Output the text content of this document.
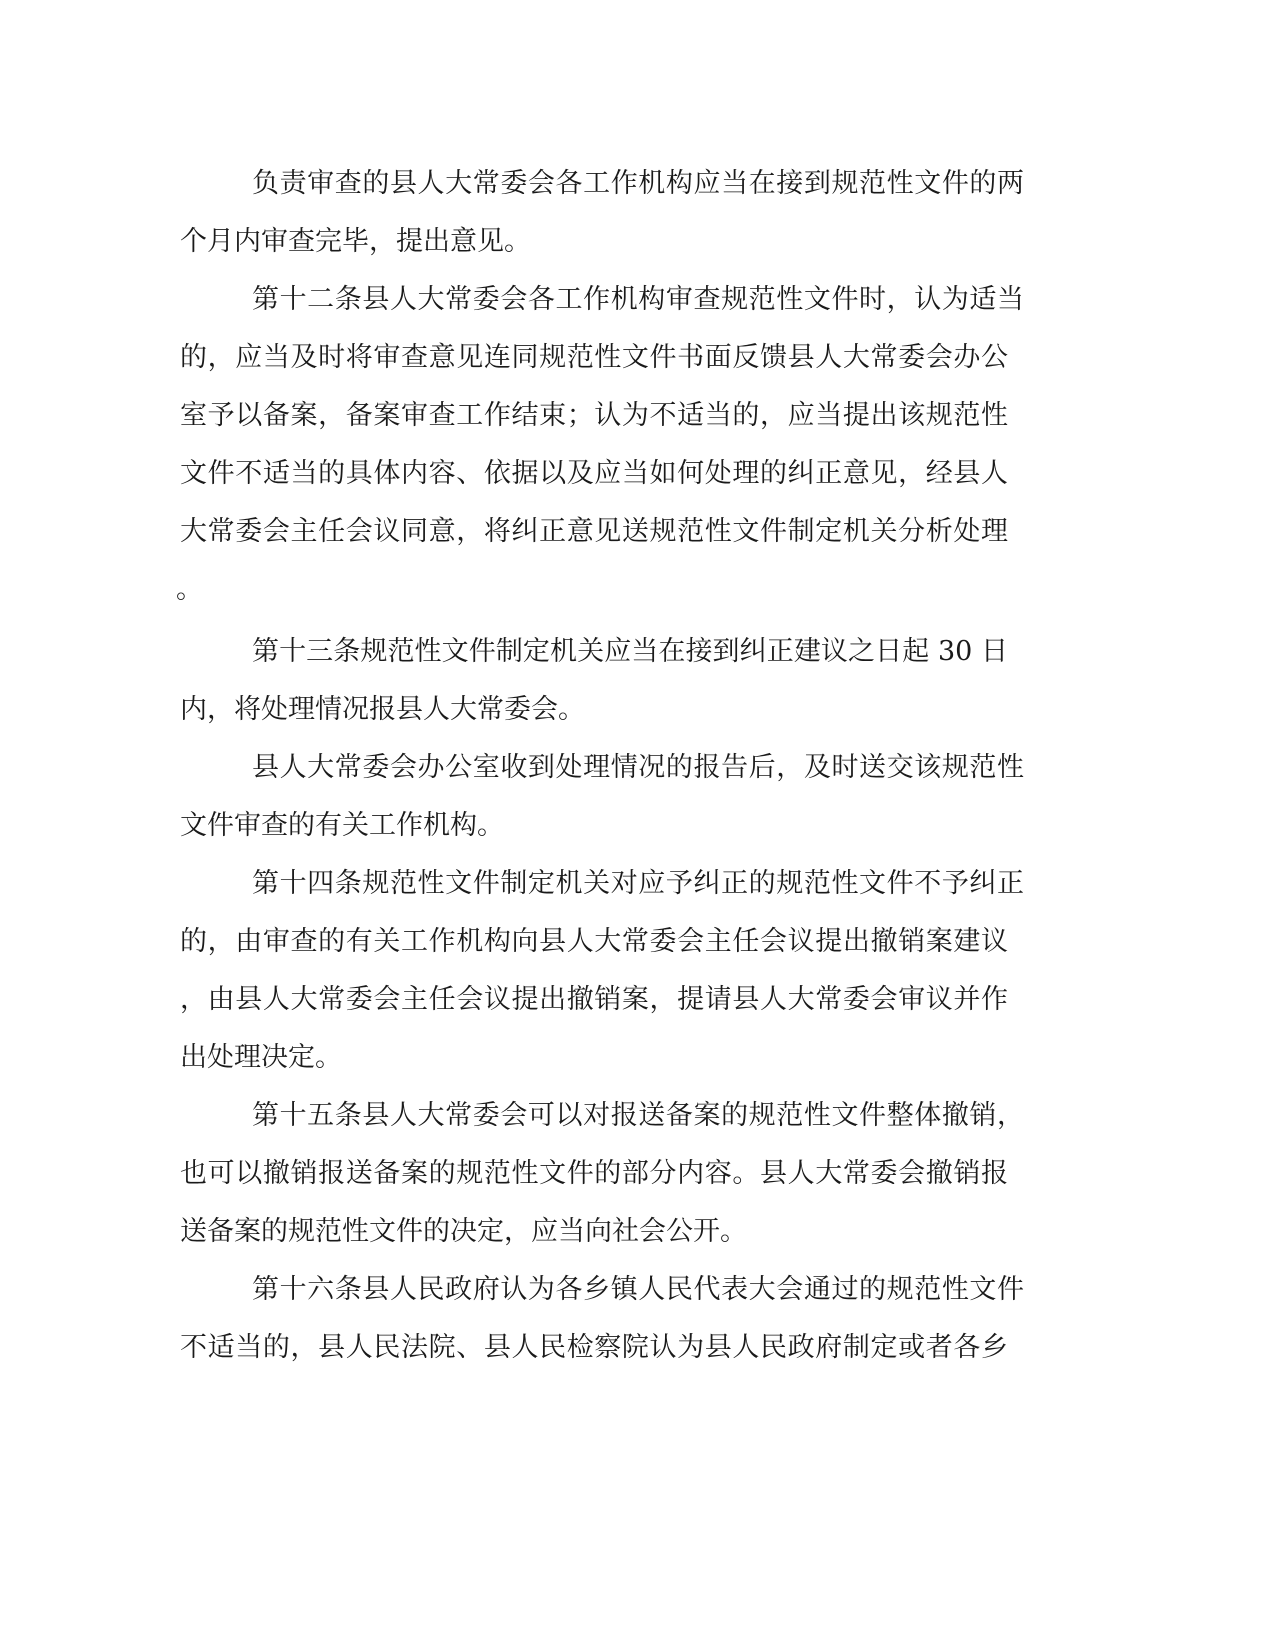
负责审查的县人大常委会各工作机构应当在接到规范性文件的两
个月内审查完毕，提出意见。
第十二条县人大常委会各工作机构审查规范性文件时，认为适当
的，应当及时将审查意见连同规范性文件书面反馈县人大常委会办公
室予以备案，备案审查工作结束；认为不适当的，应当提出该规范性
文件不适当的具体内容、依据以及应当如何处理的纠正意见，经县人
大常委会主任会议同意，将纠正意见送规范性文件制定机关分析处理
。
第十三条规范性文件制定机关应当在接到纠正建议之日起 30 日
内，将处理情况报县人大常委会。
县人大常委会办公室收到处理情况的报告后，及时送交该规范性
文件审查的有关工作机构。
第十四条规范性文件制定机关对应予纠正的规范性文件不予纠正
的，由审查的有关工作机构向县人大常委会主任会议提出撤销案建议
，由县人大常委会主任会议提出撤销案，提请县人大常委会审议并作
出处理决定。
第十五条县人大常委会可以对报送备案的规范性文件整体撤销，
也可以撤销报送备案的规范性文件的部分内容。县人大常委会撤销报
送备案的规范性文件的决定，应当向社会公开。
第十六条县人民政府认为各乡镇人民代表大会通过的规范性文件
不适当的，县人民法院、县人民检察院认为县人民政府制定或者各乡
